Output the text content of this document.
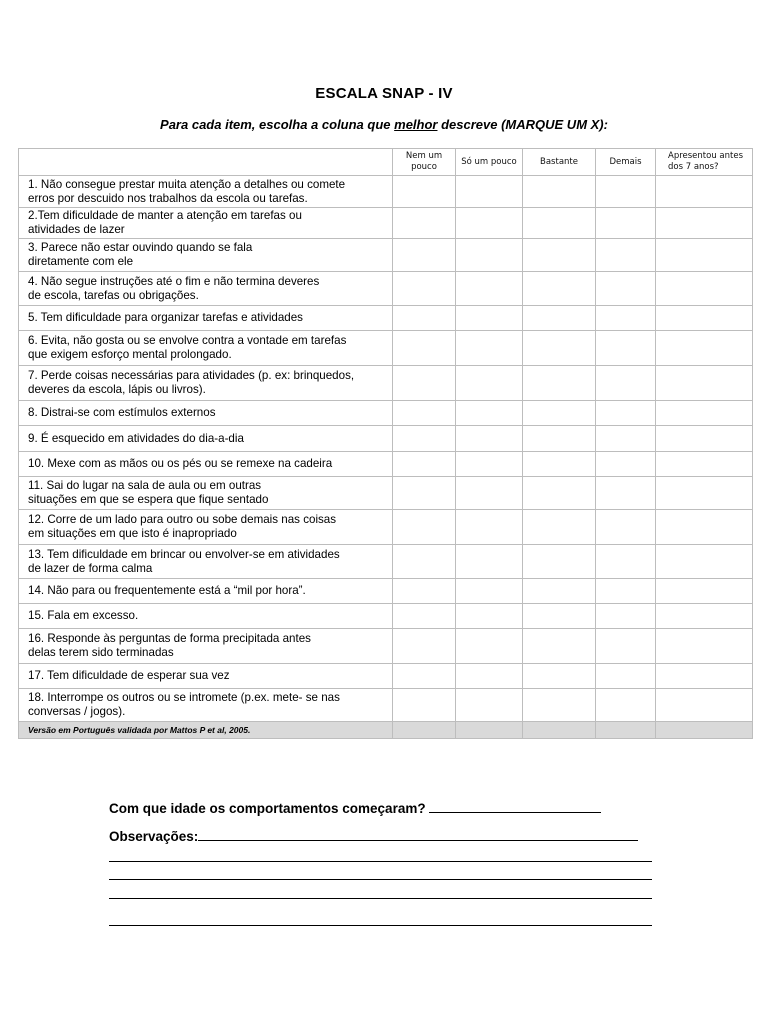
ESCALA SNAP - IV
Para cada item, escolha a coluna que melhor descreve (MARQUE UM X):
	Nem um pouco	Só um pouco	Bastante	Demais	Apresentou antes dos 7 anos?

1. Não consegue prestar muita atenção a detalhes ou comete
erros por descuido nos trabalhos da escola ou tarefas.					

2.Tem dificuldade de manter a atenção em tarefas ou
atividades de lazer					

3. Parece não estar ouvindo quando se fala
diretamente com ele					

4. Não segue instruções até o fim e não termina deveres
de escola, tarefas ou obrigações.					

5. Tem dificuldade para organizar tarefas e atividades					

6. Evita, não gosta ou se envolve contra a vontade em tarefas
que exigem esforço mental prolongado.					

7. Perde coisas necessárias para atividades (p. ex: brinquedos,
deveres da escola, lápis ou livros).					

8. Distrai-se com estímulos externos					

9. É esquecido em atividades do dia-a-dia					

10. Mexe com as mãos ou os pés ou se remexe na cadeira					

11. Sai do lugar na sala de aula ou em outras
situações em que se espera que fique sentado					

12. Corre de um lado para outro ou sobe demais nas coisas
em situações em que isto é inapropriado					

13. Tem dificuldade em brincar ou envolver-se em atividades
de lazer de forma calma					

14. Não para ou frequentemente está a “mil por hora”.					

15. Fala em excesso.					

16. Responde às perguntas de forma precipitada antes
delas terem sido terminadas					

17. Tem dificuldade de esperar sua vez					

18. Interrompe os outros ou se intromete (p.ex. mete- se nas
conversas / jogos).					

Versão em Português validada por Mattos P et al, 2005.					
Com que idade os comportamentos começaram?
Observações:
